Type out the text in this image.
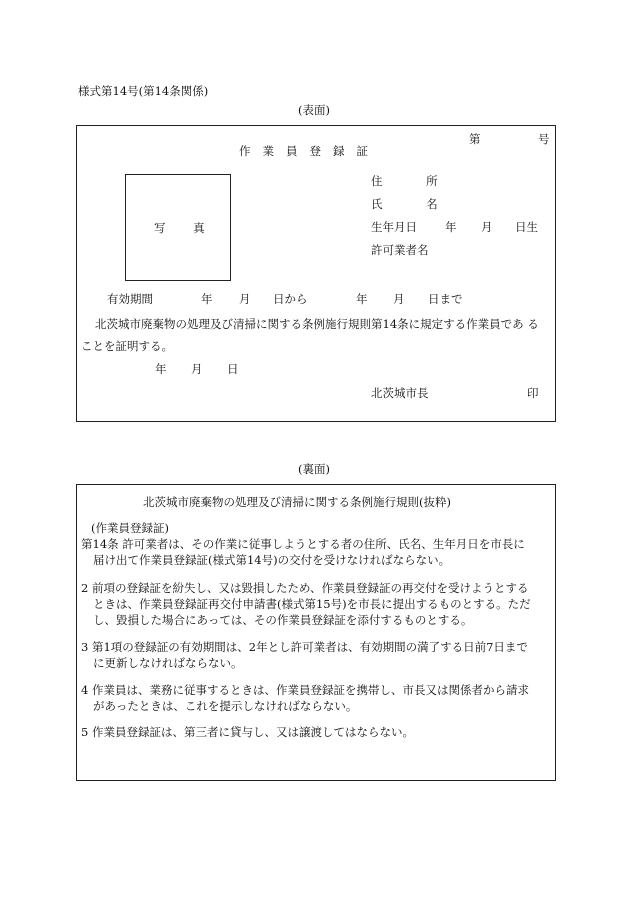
様式第14号(第14条関係)
(表面)
第	号
作業員登録証
写 真
住 所
氏 名
生年月日 年 月 日生
許可業者名
有効期間	年 月 日から	年 月 日まで
北茨城市廃棄物の処理及び清掃に関する条例施行規則第14条に規定する作業員であ る
ことを証明する。
年 月 日
北茨城市長	印
(裏面)
北茨城市廃棄物の処理及び清掃に関する条例施行規則(抜粋)
(作業員登録証)
第14条 許可業者は、その作業に従事しようとする者の住所、氏名、生年月日を市長に
届け出て作業員登録証(様式第14号)の交付を受けなければならない。
2 前項の登録証を紛失し、又は毀損したため、作業員登録証の再交付を受けようとする
ときは、作業員登録証再交付申請書(様式第15号)を市長に提出するものとする。ただ
し、毀損した場合にあっては、その作業員登録証を添付するものとする。
3 第1項の登録証の有効期間は、2年とし許可業者は、有効期間の満了する日前7日まで
に更新しなければならない。
4 作業員は、業務に従事するときは、作業員登録証を携帯し、市長又は関係者から請求
があったときは、これを提示しなければならない。
5 作業員登録証は、第三者に貸与し、又は譲渡してはならない。
